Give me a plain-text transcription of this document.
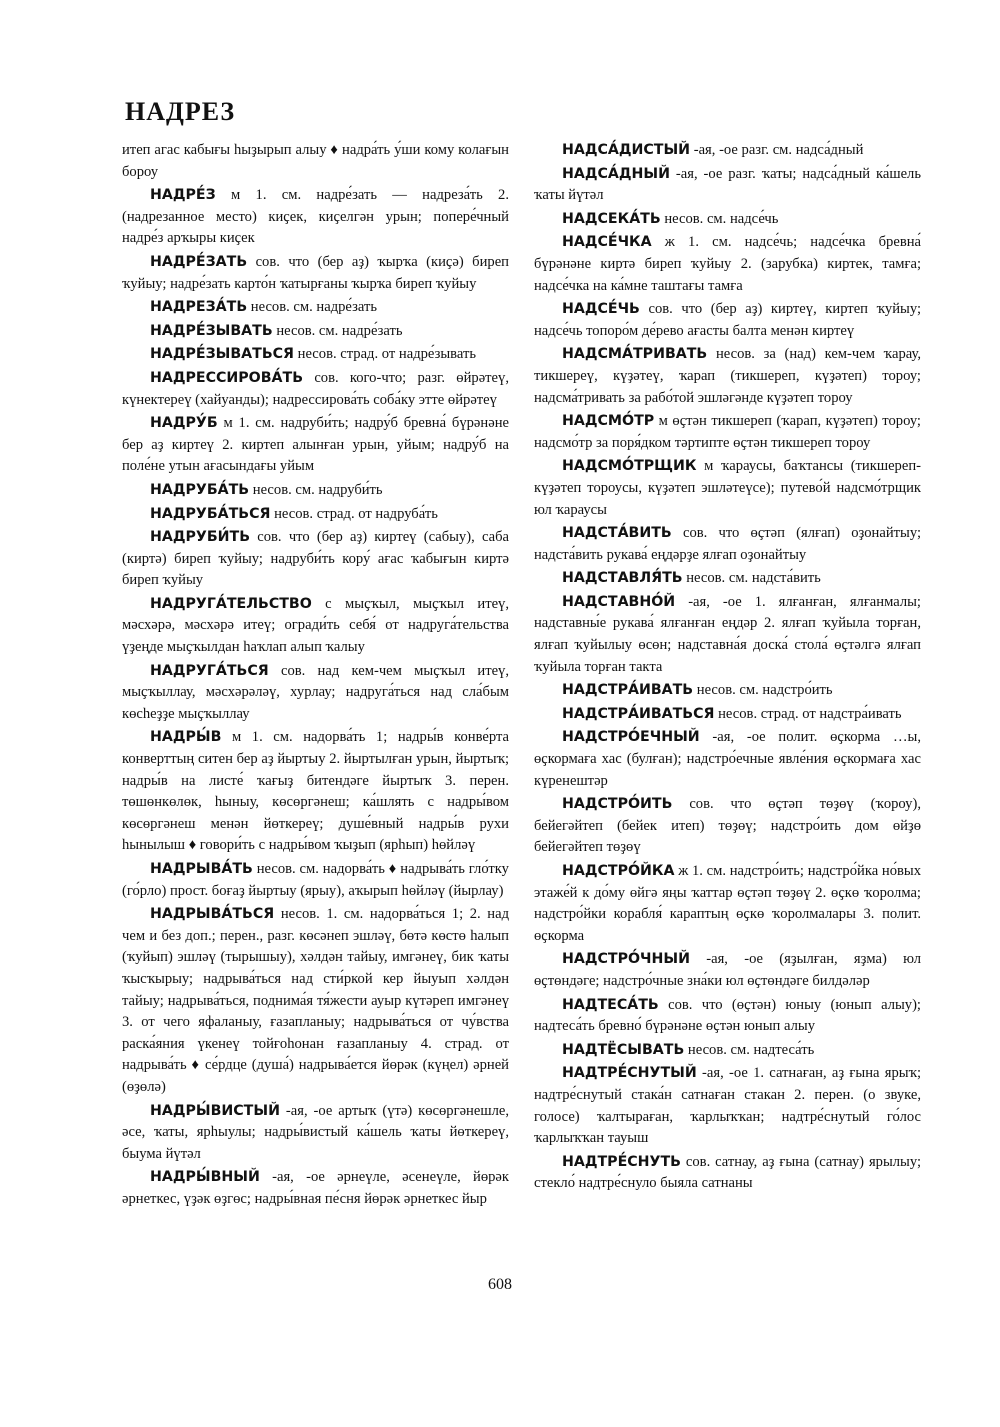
НАДРЕЗ
итеп агас кабығы һыҙырып алыу ♦ надра́ть у́ши кому колағын бороу
НАДРЕ́З м 1. см. надре́зать — надреза́ть 2. (надрезанное место) киҫек, киҫелгән урын; попере́чный надре́з арҡыры киҫек
НАДРЕ́ЗАТЬ сов. что (бер аҙ) ҡырҡа (киҫә) биреп ҡуйыу; надре́зать карто́н ҡатырғаны ҡырҡа биреп ҡуйыу
НАДРЕЗА́ТЬ несов. см. надре́зать
НАДРЕ́ЗЫВАТЬ несов. см. надре́зать
НАДРЕ́ЗЫВАТЬСЯ несов. страд. от надре́зывать
НАДРЕССИРОВА́ТЬ сов. кого-что; разг. өйрәтеү, күнектереү (хайуанды); надрессирова́ть соба́ку этте өйрәтеү
НАДРУ́Б м 1. см. надруби́ть; надру́б бревна́ бүрәнәне бер аҙ киртеү 2. киртеп алынған урын, уйым; надру́б на поле́не утын ағасындағы уйым
НАДРУБА́ТЬ несов. см. надруби́ть
НАДРУБА́ТЬСЯ несов. страд. от надруба́ть
НАДРУБИ́ТЬ сов. что (бер аҙ) киртеү (сабыу), саба (киртә) биреп ҡуйыу; надруби́ть кору́ ағас ҡабығын киртә биреп ҡуйыу
НАДРУГА́ТЕЛЬСТВО с мыҫҡыл, мыҫҡыл итеү, мәсхәрә, мәсхәрә итеү; огради́ть себя́ от надруга́тельства үҙеңде мыҫҡылдан һаҡлап алып ҡалыу
НАДРУГА́ТЬСЯ сов. над кем-чем мыҫҡыл итеү, мыҫҡыллау, мәсхәрәләү, хурлау; надруга́ться над сла́бым көсһеҙҙе мыҫҡыллау
НАДРЫ́В м 1. см. надорва́ть 1; надры́в конве́рта конверттың ситен бер аҙ йыртыу 2. йыртылған урын, йыртыҡ; надры́в на листе́ ҡағыҙ битендәге йыртыҡ 3. перен. төшөнкөлөк, һыныу, көсөргәнеш; ка́шлять с надры́вом көсөргәнеш менән йөткереү; душе́вный надры́в рухи һынылыш ♦ говори́ть с надры́вом ҡыҙып (ярһып) һөйләү
НАДРЫВА́ТЬ несов. см. надорва́ть ♦ надрыва́ть гло́тку (го́рло) прост. боғаҙ йыртыу (ярыу), аҡырып һөйләү (йырлау)
НАДРЫВА́ТЬСЯ несов. 1. см. надорва́ться 1; 2. над чем и без доп.; перен., разг. көсәнеп эшләү, бөтә көстө һалып (ҡуйып) эшләү (тырышыу), хәлдән тайыу, имгәнеү, бик ҡаты ҡысҡырыу; надрыва́ться над сти́ркой кер йыуып хәлдән тайыу; надрыва́ться, поднима́я тя́жести ауыр күтәреп имгәнеү 3. от чего яфаланыу, ғазапланыу; надрыва́ться от чу́вства раска́яния үкенеү тойғоһонан ғазапланыу 4. страд. от надрыва́ть ♦ се́рдце (душа́) надрыва́ется йөрәк (күңел) әрней (өҙөлә)
НАДРЫ́ВИСТЫЙ -ая, -ое артыҡ (үтә) көсөргәнешле, әсе, ҡаты, ярһыулы; надры́вистый ка́шель ҡаты йөткереү, быума йүтәл
НАДРЫ́ВНЫЙ -ая, -ое әрнеүле, әсенеүле, йөрәк әрнеткес, үҙәк өҙгөс; надры́вная пе́сня йөрәк әрнеткес йыр
НАДСА́ДИСТЫЙ -ая, -ое разг. см. надса́дный
НАДСА́ДНЫЙ -ая, -ое разг. ҡаты; надса́дный ка́шель ҡаты йүтәл
НАДСЕКА́ТЬ несов. см. надсе́чь
НАДСЕ́ЧКА ж 1. см. надсе́чь; надсе́чка бревна́ бүрәнәне киртә биреп ҡуйыу 2. (зарубка) киртек, тамға; надсе́чка на ка́мне таштағы тамға
НАДСЕ́ЧЬ сов. что (бер аҙ) киртеү, киртеп ҡуйыу; надсе́чь топоро́м де́рево ағасты балта менән киртеү
НАДСМА́ТРИВАТЬ несов. за (над) кем-чем ҡарау, тикшереү, күҙәтеү, ҡарап (тикшереп, күҙәтеп) тороу; надсма́тривать за рабо́той эшләгәнде күҙәтеп тороу
НАДСМО́ТР м өҫтән тикшереп (ҡарап, күҙәтеп) тороу; надсмо́тр за поря́дком тәртипте өҫтән тикшереп тороу
НАДСМО́ТРЩИК м ҡараусы, баҡтансы (тикшереп-күҙәтеп тороусы, күҙәтеп эшләтеүсе); путево́й надсмо́трщик юл ҡараусы
НАДСТА́ВИТЬ сов. что өҫтәп (ялғап) оҙонайтыу; надста́вить рукава́ еңдәрҙе ялғап оҙонайтыу
НАДСТАВЛЯ́ТЬ несов. см. надста́вить
НАДСТАВНО́Й -ая, -ое 1. ялғанған, ялғанмалы; надставны́е рукава́ ялғанған еңдәр 2. ялғап ҡуйыла торған, ялғап ҡуйылыу өсөн; надставна́я доска́ стола́ өҫтәлгә ялғап ҡуйыла торған такта
НАДСТРА́ИВАТЬ несов. см. надстро́ить
НАДСТРА́ИВАТЬСЯ несов. страд. от надстра́ивать
НАДСТРО́ЕЧНЫЙ -ая, -ое полит. өҫкорма …ы, өҫкормаға хас (булған); надстро́ечные явле́ния өҫкормаға хас күренештәр
НАДСТРО́ИТЬ сов. что өҫтәп төҙөү (ҡороу), бейегәйтеп (бейек итеп) төҙөү; надстро́ить дом өйҙө бейегәйтеп төҙөү
НАДСТРО́ЙКА ж 1. см. надстро́ить; надстро́йка но́вых этаже́й к до́му өйгә яңы ҡаттар өҫтәп төҙөү 2. өҫкө ҡоролма; надстро́йки корабля́ караптың өҫкө ҡоролмалары 3. полит. өҫкорма
НАДСТРО́ЧНЫЙ -ая, -ое (яҙылған, яҙма) юл өҫтөндәге; надстро́чные зна́ки юл өҫтөндәге билдәләр
НАДТЕСА́ТЬ сов. что (өҫтән) юныу (юнып алыу); надтеса́ть бревно́ бүрәнәне өҫтән юнып алыу
НАДТЁСЫВАТЬ несов. см. надтеса́ть
НАДТРЕ́СНУТЫЙ -ая, -ое 1. сатнаған, аҙ ғына ярыҡ; надтре́снутый стака́н сатнаған стакан 2. перен. (о звуке, голосе) ҡалтыраған, ҡарлыҡҡан; надтре́снутый го́лос ҡарлыҡҡан тауыш
НАДТРЕ́СНУТЬ сов. сатнау, аҙ ғына (сатнау) ярылыу; стекло́ надтре́снуло быяла сатнаны
608
